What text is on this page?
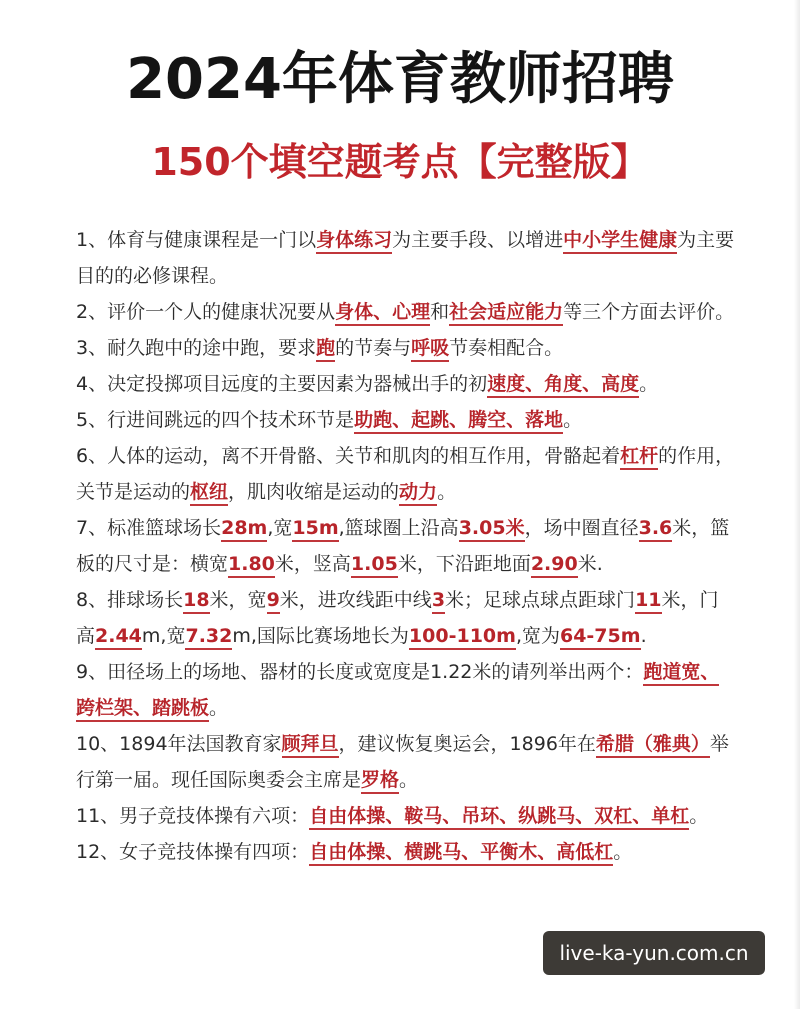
2024年体育教师招聘
150个填空题考点【完整版】

1、体育与健康课程是一门以身体练习为主要手段、以增进中小学生健康为主要目的的必修课程。

2、评价一个人的健康状况要从身体、心理和社会适应能力等三个方面去评价。

3、耐久跑中的途中跑，要求跑的节奏与呼吸节奏相配合。

4、决定投掷项目远度的主要因素为器械出手的初速度、角度、高度。

5、行进间跳远的四个技术环节是助跑、起跳、腾空、落地。

6、人体的运动，离不开骨骼、关节和肌肉的相互作用，骨骼起着杠杆的作用，关节是运动的枢纽，肌肉收缩是运动的动力。

7、标准篮球场长28m,宽15m,篮球圈上沿高3.05米，场中圈直径3.6米，篮板的尺寸是：横宽1.80米，竖高1.05米，下沿距地面2.90米.

8、排球场长18米，宽9米，进攻线距中线3米；足球点球点距球门11米，门高2.44m,宽7.32m,国际比赛场地长为100-110m,宽为64-75m.

9、田径场上的场地、器材的长度或宽度是1.22米的请列举出两个：跑道宽、跨栏架、踏跳板。

10、1894年法国教育家顾拜旦，建议恢复奥运会，1896年在希腊（雅典）举行第一届。现任国际奥委会主席是罗格。

11、男子竞技体操有六项：自由体操、鞍马、吊环、纵跳马、双杠、单杠。

12、女子竞技体操有四项：自由体操、横跳马、平衡木、高低杠。

live-ka-yun.com.cn
